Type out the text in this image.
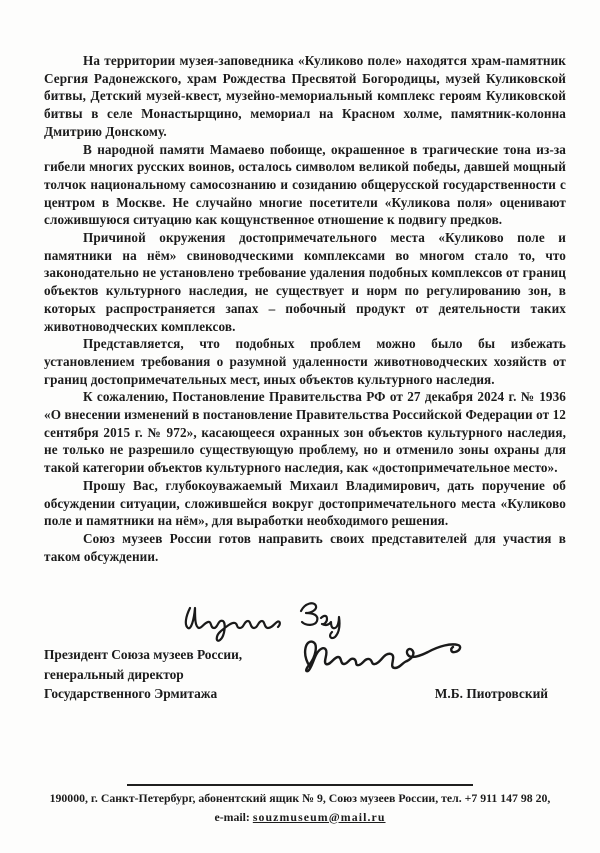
На территории музея-заповедника «Куликово поле» находятся храм-памятник Сергия Радонежского, храм Рождества Пресвятой Богородицы, музей Куликовской битвы, Детский музей-квест, музейно-мемориальный комплекс героям Куликовской битвы в селе Монастырщино, мемориал на Красном холме, памятник-колонна Дмитрию Донскому.

В народной памяти Мамаево побоище, окрашенное в трагические тона из-за гибели многих русских воинов, осталось символом великой победы, давшей мощный толчок национальному самосознанию и созиданию общерусской государственности с центром в Москве. Не случайно многие посетители «Куликова поля» оценивают сложившуюся ситуацию как кощунственное отношение к подвигу предков.

Причиной окружения достопримечательного места «Куликово поле и памятники на нём» свиноводческими комплексами во многом стало то, что законодательно не установлено требование удаления подобных комплексов от границ объектов культурного наследия, не существует и норм по регулированию зон, в которых распространяется запах – побочный продукт от деятельности таких животноводческих комплексов.

Представляется, что подобных проблем можно было бы избежать установлением требования о разумной удаленности животноводческих хозяйств от границ достопримечательных мест, иных объектов культурного наследия.

К сожалению, Постановление Правительства РФ от 27 декабря 2024 г. № 1936 «О внесении изменений в постановление Правительства Российской Федерации от 12 сентября 2015 г. № 972», касающееся охранных зон объектов культурного наследия, не только не разрешило существующую проблему, но и отменило зоны охраны для такой категории объектов культурного наследия, как «достопримечательное место».

Прошу Вас, глубокоуважаемый Михаил Владимирович, дать поручение об обсуждении ситуации, сложившейся вокруг достопримечательного места «Куликово поле и памятники на нём», для выработки необходимого решения.

Союз музеев России готов направить своих представителей для участия в таком обсуждении.

Президент Союза музеев России,
генеральный директор
Государственного Эрмитажа	М.Б. Пиотровский
190000, г. Санкт-Петербург, абонентский ящик № 9, Союз музеев России, тел. +7 911 147 98 20,
e-mail: souzmuseum@mail.ru
